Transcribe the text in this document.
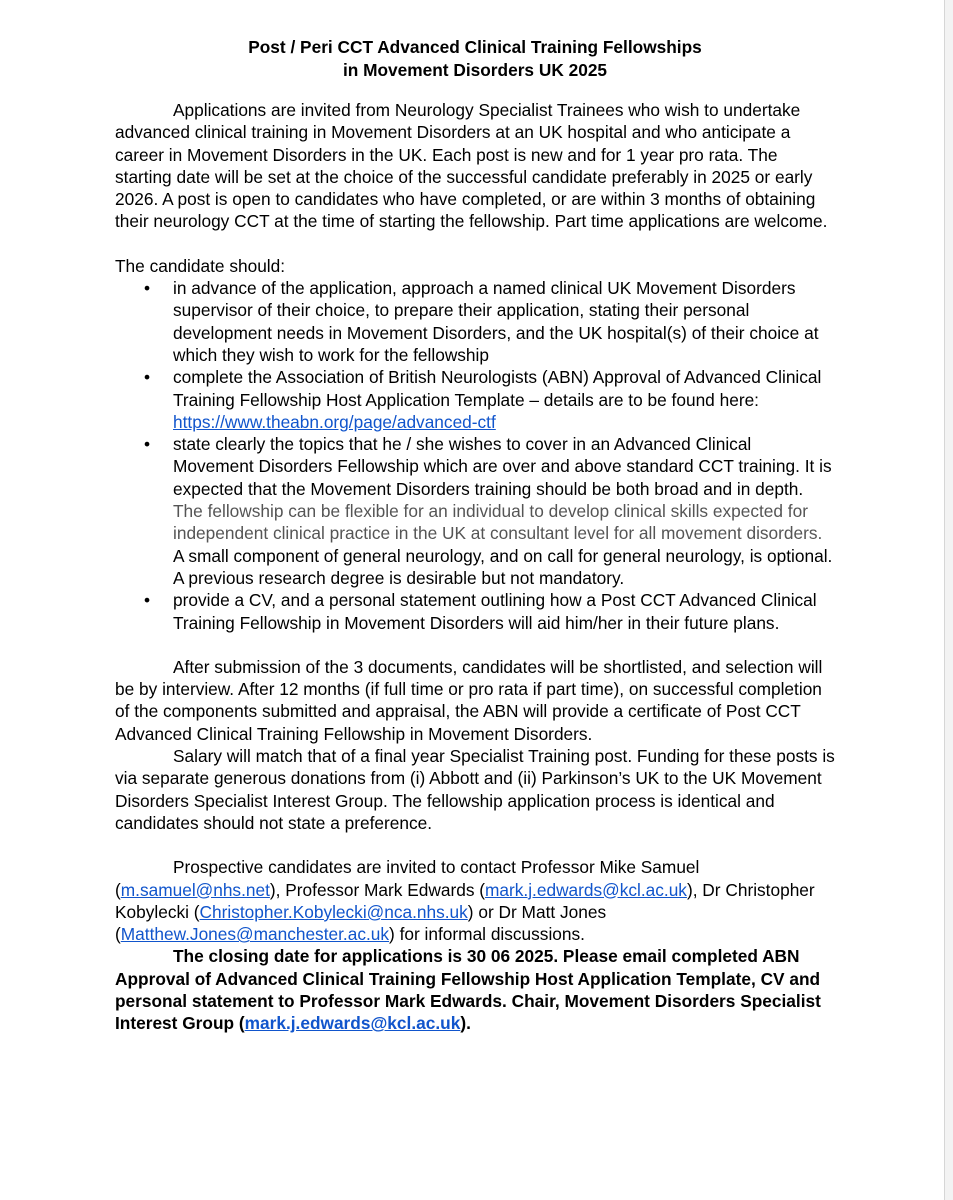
Post / Peri CCT Advanced Clinical Training Fellowships
in Movement Disorders UK 2025

Applications are invited from Neurology Specialist Trainees who wish to undertake advanced clinical training in Movement Disorders at an UK hospital and who anticipate a career in Movement Disorders in the UK. Each post is new and for 1 year pro rata. The starting date will be set at the choice of the successful candidate preferably in 2025 or early 2026. A post is open to candidates who have completed, or are within 3 months of obtaining their neurology CCT at the time of starting the fellowship. Part time applications are welcome.

The candidate should:

• in advance of the application, approach a named clinical UK Movement Disorders supervisor of their choice, to prepare their application, stating their personal development needs in Movement Disorders, and the UK hospital(s) of their choice at which they wish to work for the fellowship
• complete the Association of British Neurologists (ABN) Approval of Advanced Clinical Training Fellowship Host Application Template – details are to be found here:
https://www.theabn.org/page/advanced-ctf
• state clearly the topics that he / she wishes to cover in an Advanced Clinical Movement Disorders Fellowship which are over and above standard CCT training. It is expected that the Movement Disorders training should be both broad and in depth. The fellowship can be flexible for an individual to develop clinical skills expected for independent clinical practice in the UK at consultant level for all movement disorders. A small component of general neurology, and on call for general neurology, is optional. A previous research degree is desirable but not mandatory.
• provide a CV, and a personal statement outlining how a Post CCT Advanced Clinical Training Fellowship in Movement Disorders will aid him/her in their future plans.

After submission of the 3 documents, candidates will be shortlisted, and selection will be by interview. After 12 months (if full time or pro rata if part time), on successful completion of the components submitted and appraisal, the ABN will provide a certificate of Post CCT Advanced Clinical Training Fellowship in Movement Disorders.

Salary will match that of a final year Specialist Training post. Funding for these posts is via separate generous donations from (i) Abbott and (ii) Parkinson’s UK to the UK Movement Disorders Specialist Interest Group. The fellowship application process is identical and candidates should not state a preference.

Prospective candidates are invited to contact Professor Mike Samuel (m.samuel@nhs.net), Professor Mark Edwards (mark.j.edwards@kcl.ac.uk), Dr Christopher Kobylecki (Christopher.Kobylecki@nca.nhs.uk) or Dr Matt Jones (Matthew.Jones@manchester.ac.uk) for informal discussions.

The closing date for applications is 30 06 2025. Please email completed ABN Approval of Advanced Clinical Training Fellowship Host Application Template, CV and personal statement to Professor Mark Edwards. Chair, Movement Disorders Specialist Interest Group (mark.j.edwards@kcl.ac.uk).
